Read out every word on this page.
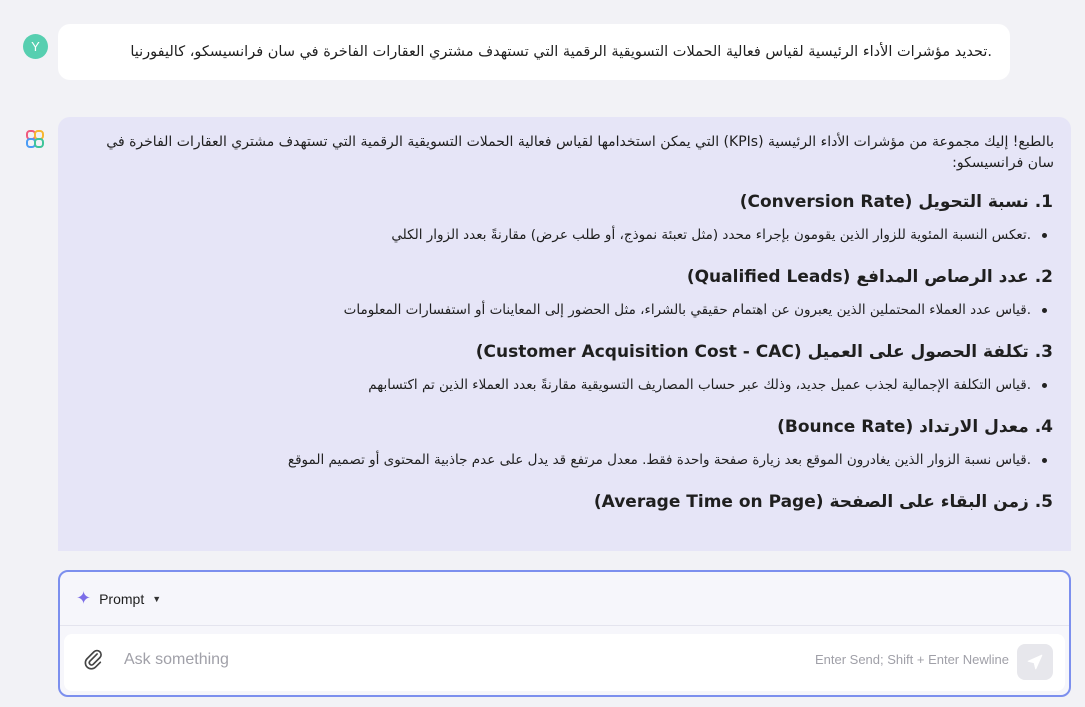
Y	.تحديد مؤشرات الأداء الرئيسية لقياس فعالية الحملات التسويقية الرقمية التي تستهدف مشتري العقارات الفاخرة في سان فرانسيسكو، كاليفورنيا

بالطبع! إليك مجموعة من مؤشرات الأداء الرئيسية (KPIs) التي يمكن استخدامها لقياس فعالية الحملات التسويقية الرقمية التي تستهدف مشتري العقارات الفاخرة في سان فرانسيسكو:

1. نسبة التحويل (Conversion Rate)
.تعكس النسبة المئوية للزوار الذين يقومون بإجراء محدد (مثل تعبئة نموذج، أو طلب عرض) مقارنةً بعدد الزوار الكلي
2. عدد الرصاص المدافع (Qualified Leads)
.قياس عدد العملاء المحتملين الذين يعبرون عن اهتمام حقيقي بالشراء، مثل الحضور إلى المعاينات أو استفسارات المعلومات
3. تكلفة الحصول على العميل (Customer Acquisition Cost - CAC)
.قياس التكلفة الإجمالية لجذب عميل جديد، وذلك عبر حساب المصاريف التسويقية مقارنةً بعدد العملاء الذين تم اكتسابهم
4. معدل الارتداد (Bounce Rate)
.قياس نسبة الزوار الذين يغادرون الموقع بعد زيارة صفحة واحدة فقط. معدل مرتفع قد يدل على عدم جاذبية المحتوى أو تصميم الموقع
5. زمن البقاء على الصفحة (Average Time on Page)
✦ Prompt ▼
Ask something
Enter Send; Shift + Enter Newline
